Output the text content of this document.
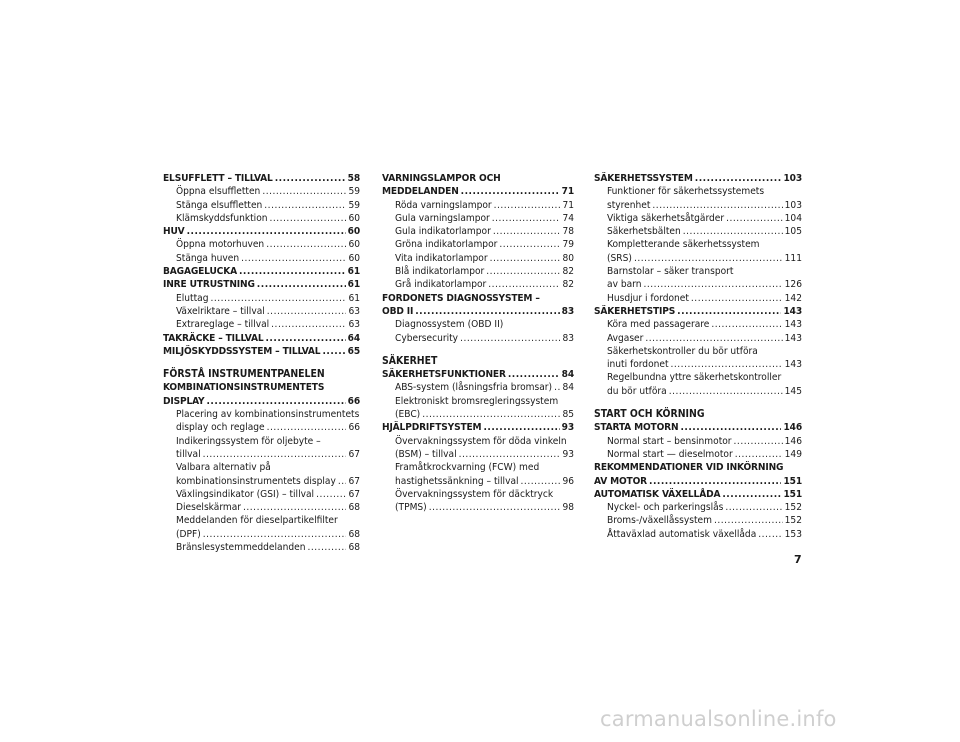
ELSUFFLETT – TILLVAL .....	58
Öppna elsuffletten .....	59
Stänga elsuffletten .....	59
Klämskyddsfunktion .....	60
HUV .....	60
Öppna motorhuven .....	60
Stänga huven .....	60
BAGAGELUCKA .....	61
INRE UTRUSTNING .....	61
Eluttag .....	61
Växelriktare – tillval .....	63
Extrareglage – tillval .....	63
TAKRÄCKE – TILLVAL .....	64
MILJÖSKYDDSSYSTEM – TILLVAL .....	65
FÖRSTÅ INSTRUMENTPANELEN
KOMBINATIONSINSTRUMENTETS
DISPLAY .....	66
Placering av kombinationsinstrumentets
display och reglage .....	66
Indikeringssystem för oljebyte –
tillval .....	67
Valbara alternativ på
kombinationsinstrumentets display ..... 67
Växlingsindikator (GSI) – tillval .....	67
Dieselskärmar .....	68
Meddelanden för dieselpartikelfilter
(DPF) .....	68
Bränslesystemmeddelanden .....	68
VARNINGSLAMPOR OCH
MEDDELANDEN .....	71
Röda varningslampor .....	71
Gula varningslampor .....	74
Gula indikatorlampor .....	78
Gröna indikatorlampor .....	79
Vita indikatorlampor .....	80
Blå indikatorlampor .....	82
Grå indikatorlampor .....	82
FORDONETS DIAGNOSSYSTEM –
OBD II .....	83
Diagnossystem (OBD II)
Cybersecurity .....	83
SÄKERHET
SÄKERHETSFUNKTIONER .....	84
ABS-system (låsningsfria bromsar) ..... 84
Elektroniskt bromsregleringssystem
(EBC) .....	85
HJÄLPDRIFTSYSTEM .....	93
Övervakningssystem för döda vinkeln
(BSM) – tillval .....	93
Framåtkrockvarning (FCW) med
hastighetssänkning – tillval .....	96
Övervakningssystem för däcktryck
(TPMS) .....	98
SÄKERHETSSYSTEM .....	103
Funktioner för säkerhetssystemets
styrenhet .....	103
Viktiga säkerhetsåtgärder .....	104
Säkerhetsbälten .....	105
Kompletterande säkerhetssystem
(SRS) .....	111
Barnstolar – säker transport
av barn .....	126
Husdjur i fordonet .....	142
SÄKERHETSTIPS .....	143
Köra med passagerare .....	143
Avgaser .....	143
Säkerhetskontroller du bör utföra
inuti fordonet .....	143
Regelbundna yttre säkerhetskontroller
du bör utföra .....	145
START OCH KÖRNING
STARTA MOTORN .....	146
Normal start – bensinmotor .....	146
Normal start — dieselmotor .....	149
REKOMMENDATIONER VID INKÖRNING
AV MOTOR .....	151
AUTOMATISK VÄXELLÅDA .....	151
Nyckel- och parkeringslås .....	152
Broms-/växellåssystem .....	152
Åttaväxlad automatisk växellåda .....	153
7
carmanualsonline.info
